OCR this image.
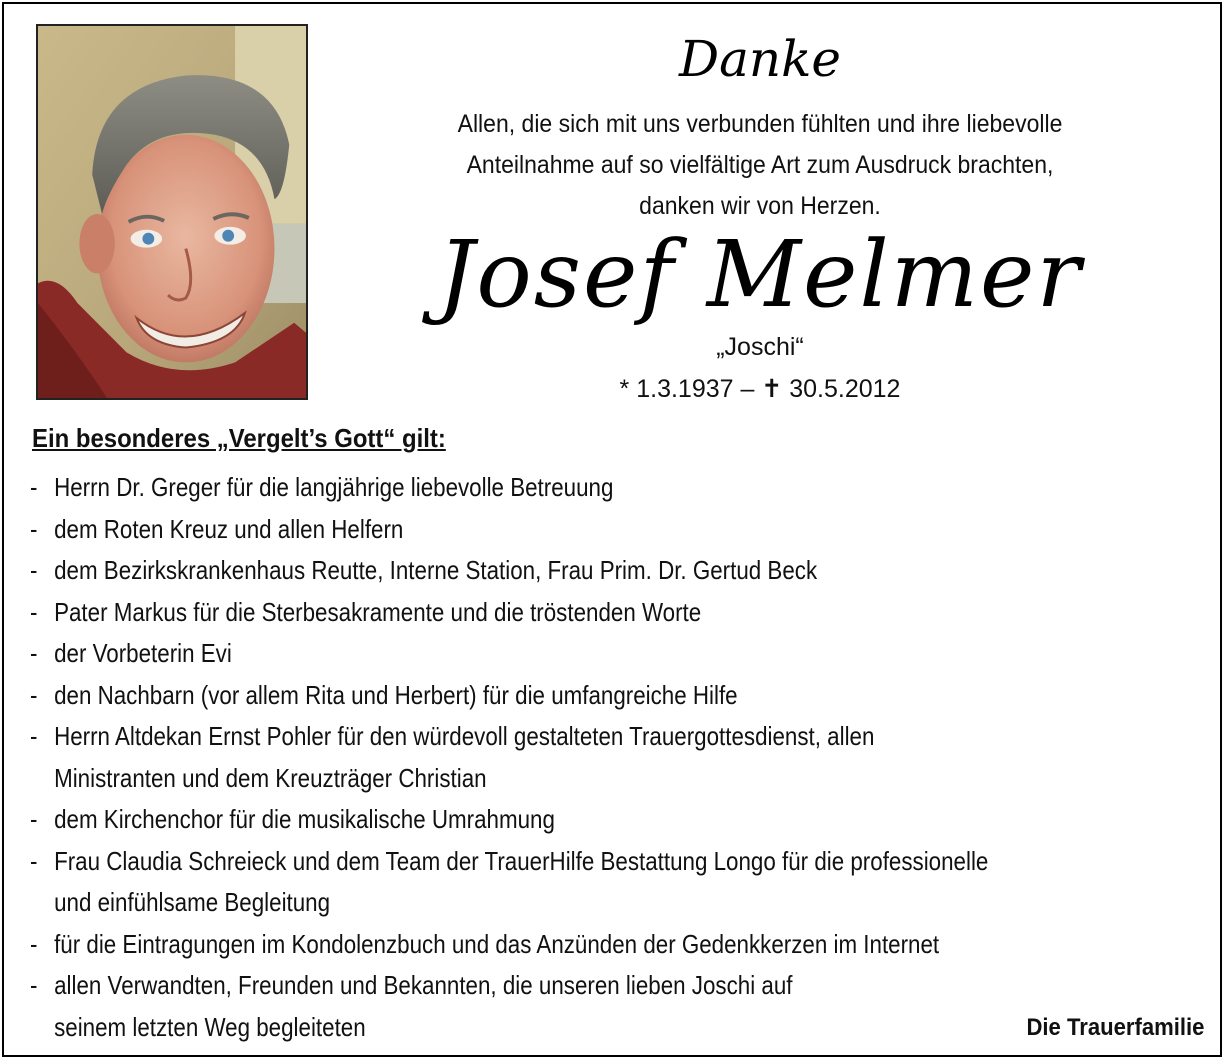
Danke
Allen, die sich mit uns verbunden fühlten und ihre liebevolle
Anteilnahme auf so vielfältige Art zum Ausdruck brachten,
danken wir von Herzen.
Josef Melmer
„Joschi“
* 1.3.1937 – ✝ 30.5.2012
Ein besonderes „Vergelt’s Gott“ gilt:
- Herrn Dr. Greger für die langjährige liebevolle Betreuung
- dem Roten Kreuz und allen Helfern
- dem Bezirkskrankenhaus Reutte, Interne Station, Frau Prim. Dr. Gertud Beck
- Pater Markus für die Sterbesakramente und die tröstenden Worte
- der Vorbeterin Evi
- den Nachbarn (vor allem Rita und Herbert) für die umfangreiche Hilfe
- Herrn Altdekan Ernst Pohler für den würdevoll gestalteten Trauergottesdienst, allen
Ministranten und dem Kreuzträger Christian
- dem Kirchenchor für die musikalische Umrahmung
- Frau Claudia Schreieck und dem Team der TrauerHilfe Bestattung Longo für die professionelle
und einfühlsame Begleitung
- für die Eintragungen im Kondolenzbuch und das Anzünden der Gedenkkerzen im Internet
- allen Verwandten, Freunden und Bekannten, die unseren lieben Joschi auf
seinem letzten Weg begleiteten	Die Trauerfamilie
